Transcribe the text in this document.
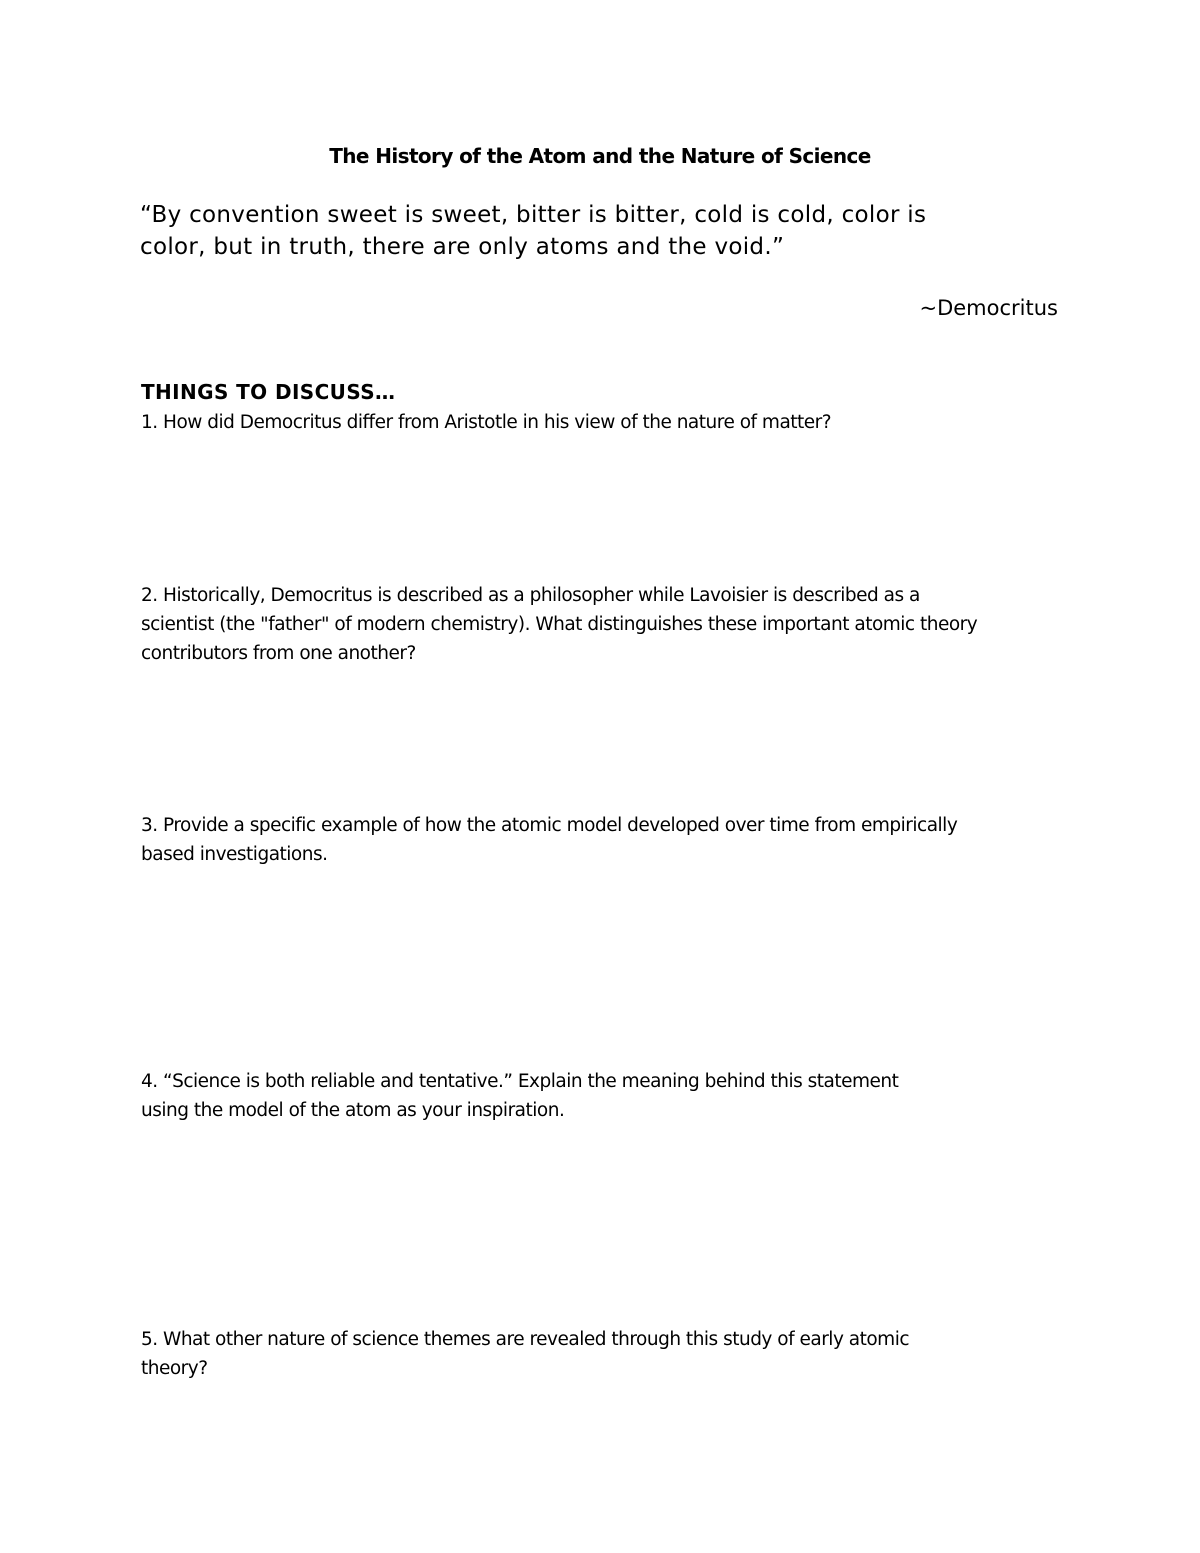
The History of the Atom and the Nature of Science
“By convention sweet is sweet, bitter is bitter, cold is cold, color is
color, but in truth, there are only atoms and the void.”
~Democritus
THINGS TO DISCUSS…
1. How did Democritus differ from Aristotle in his view of the nature of matter?
2. Historically, Democritus is described as a philosopher while Lavoisier is described as a
scientist (the "father" of modern chemistry). What distinguishes these important atomic theory
contributors from one another?
3. Provide a specific example of how the atomic model developed over time from empirically
based investigations.
4. “Science is both reliable and tentative.” Explain the meaning behind this statement
using the model of the atom as your inspiration.
5. What other nature of science themes are revealed through this study of early atomic
theory?
